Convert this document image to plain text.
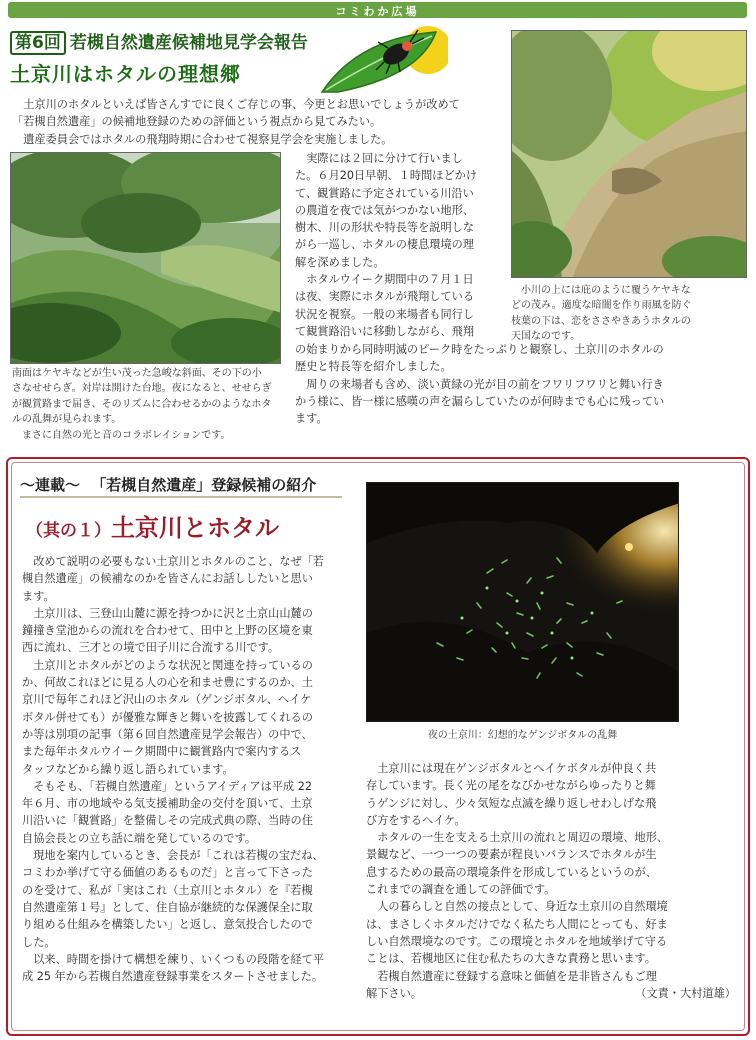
コミわか広場
第6回 若槻自然遺産候補地見学会報告
土京川はホタルの理想郷
土京川のホタルといえば皆さんすでに良くご存じの事、今更とお思いでしょうが改めて
「若槻自然遺産」の候補地登録のための評価という視点から見てみたい。
遺産委員会ではホタルの飛翔時期に合わせて視察見学会を実施しました。
南面はケヤキなどが生い茂った急峻な斜面、その下の小
さなせせらぎ。対岸は開けた台地。夜になると、せせらぎ
が観賞路まで届き、そのリズムに合わせるかのようなホタ
ルの乱舞が見られます。
まさに自然の光と音のコラボレイションです。
実際には２回に分けて行いまし
た。６月20日早朝、１時間ほどかけ
て、観賞路に予定されている川沿い
の農道を夜では気がつかない地形、
樹木、川の形状や特長等を説明しな
がら一巡し、ホタルの棲息環境の理
解を深めました。
ホタルウイーク期間中の７月１日
は夜、実際にホタルが飛翔している
状況を視察。一般の来場者も同行し
て観賞路沿いに移動しながら、飛翔
の始まりから同時明滅のピーク時をたっぷりと観察し、土京川のホタルの
歴史と特長等を紹介しました。
周りの来場者も含め、淡い黄緑の光が目の前をフワリフワリと舞い行き
かう様に、皆一様に感嘆の声を漏らしていたのが何時までも心に残ってい
ます。
小川の上には庇のように覆うケヤキな
どの茂み。適度な暗闇を作り雨風を防ぐ
枝葉の下は、恋をささやきあうホタルの
天国なのです。
～連載～ 「若槻自然遺産」登録候補の紹介
（其の１）土京川とホタル
改めて説明の必要もない土京川とホタルのこと、なぜ「若
槻自然遺産」の候補なのかを皆さんにお話ししたいと思い
ます。
土京川は、三登山山麓に源を持つかに沢と土京山山麓の
鐘撞き堂池からの流れを合わせて、田中と上野の区境を東
西に流れ、三才との境で田子川に合流する川です。
土京川とホタルがどのような状況と関連を持っているの
か、何故これほどに見る人の心を和ませ豊にするのか、土
京川で毎年これほど沢山のホタル（ゲンジボタル、ヘイケ
ボタル併せても）が優雅な輝きと舞いを披露してくれるの
か等は別項の記事（第６回自然遺産見学会報告）の中で、
また毎年ホタルウイーク期間中に観賞路内で案内するス
タッフなどから繰り返し語られています。
そもそも、「若槻自然遺産」というアイディアは平成 22
年６月、市の地域やる気支援補助金の交付を頂いて、土京
川沿いに「観賞路」を整備しその完成式典の際、当時の住
自協会長との立ち話に端を発しているのです。
現地を案内しているとき、会長が「これは若槻の宝だね、
コミわか挙げて守る価値のあるものだ」と言って下さった
のを受けて、私が「実はこれ（土京川とホタル）を『若槻
自然遺産第１号』として、住自協が継続的な保護保全に取
り組める仕組みを構築したい」と返し、意気投合したので
した。
以来、時間を掛けて構想を練り、いくつもの段階を経て平
成 25 年から若槻自然遺産登録事業をスタートさせました。
夜の土京川：幻想的なゲンジボタルの乱舞
土京川には現在ゲンジボタルとヘイケボタルが仲良く共
存しています。長く光の尾をなびかせながらゆったりと舞
うゲンジに対し、少々気短な点滅を繰り返しせわしげな飛
び方をするヘイケ。
ホタルの一生を支える土京川の流れと周辺の環境、地形、
景観など、一つ一つの要素が程良いバランスでホタルが生
息するための最高の環境条件を形成しているというのが、
これまでの調査を通しての評価です。
人の暮らしと自然の接点として、身近な土京川の自然環境
は、まさしくホタルだけでなく私たち人間にとっても、好ま
しい自然環境なのです。この環境とホタルを地域挙げて守る
ことは、若槻地区に住む私たちの大きな責務と思います。
若槻自然遺産に登録する意味と価値を是非皆さんもご理
解下さい。	（文責・大村道雄）
